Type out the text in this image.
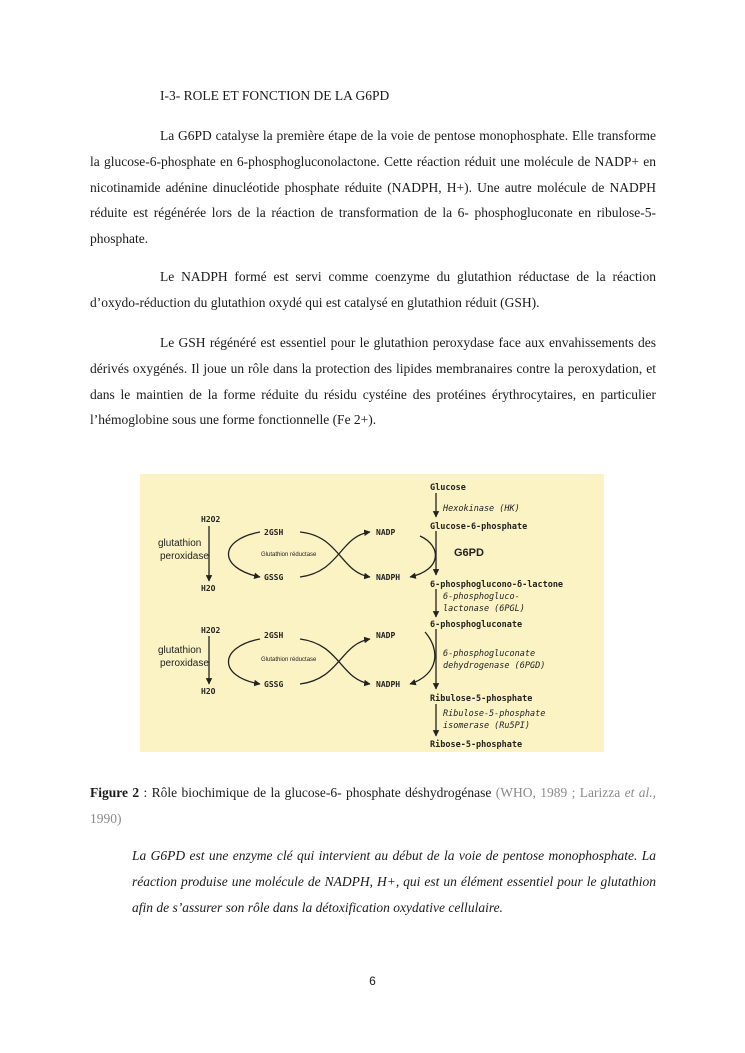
I-3- ROLE ET FONCTION DE LA G6PD

La G6PD catalyse la première étape de la voie de pentose monophosphate. Elle transforme la glucose-6-phosphate en 6-phosphogluconolactone. Cette réaction réduit une molécule de NADP+ en nicotinamide adénine dinucléotide phosphate réduite (NADPH, H+). Une autre molécule de NADPH réduite est régénérée lors de la réaction de transformation de la 6- phosphogluconate en ribulose-5-phosphate.

Le NADPH formé est servi comme coenzyme du glutathion réductase de la réaction d’oxydo-réduction du glutathion oxydé qui est catalysé en glutathion réduit (GSH).

Le GSH régénéré est essentiel pour le glutathion peroxydase face aux envahissements des dérivés oxygénés. Il joue un rôle dans la protection des lipides membranaires contre la peroxydation, et dans le maintien de la forme réduite du résidu cystéine des protéines érythrocytaires, en particulier l’hémoglobine sous une forme fonctionnelle (Fe 2+).

Glucose
Hexokinase (HK)
Glucose-6-phosphate
G6PD
6-phosphoglucono-δ-lactone
6-phosphogluco-
lactonase (6PGL)
6-phosphogluconate
6-phosphogluconate
dehydrogenase (6PGD)
Ribulose-5-phosphate
Ribulose-5-phosphate
isomerase (Ru5PI)
Ribose-5-phosphate
H2O2
H2O
glutathion
peroxidase
2GSH
GSSG
Glutathion réductase
NADP
NADPH
H2O2
H2O
glutathion
peroxidase
2GSH
GSSG
Glutathion réductase
NADP
NADPH

Figure 2 : Rôle biochimique de la glucose-6- phosphate déshydrogénase (WHO, 1989 ; Larizza et al., 1990)

La G6PD est une enzyme clé qui intervient au début de la voie de pentose monophosphate. La réaction produise une molécule de NADPH, H+, qui est un élément essentiel pour le glutathion afin de s’assurer son rôle dans la détoxification oxydative cellulaire.

6
